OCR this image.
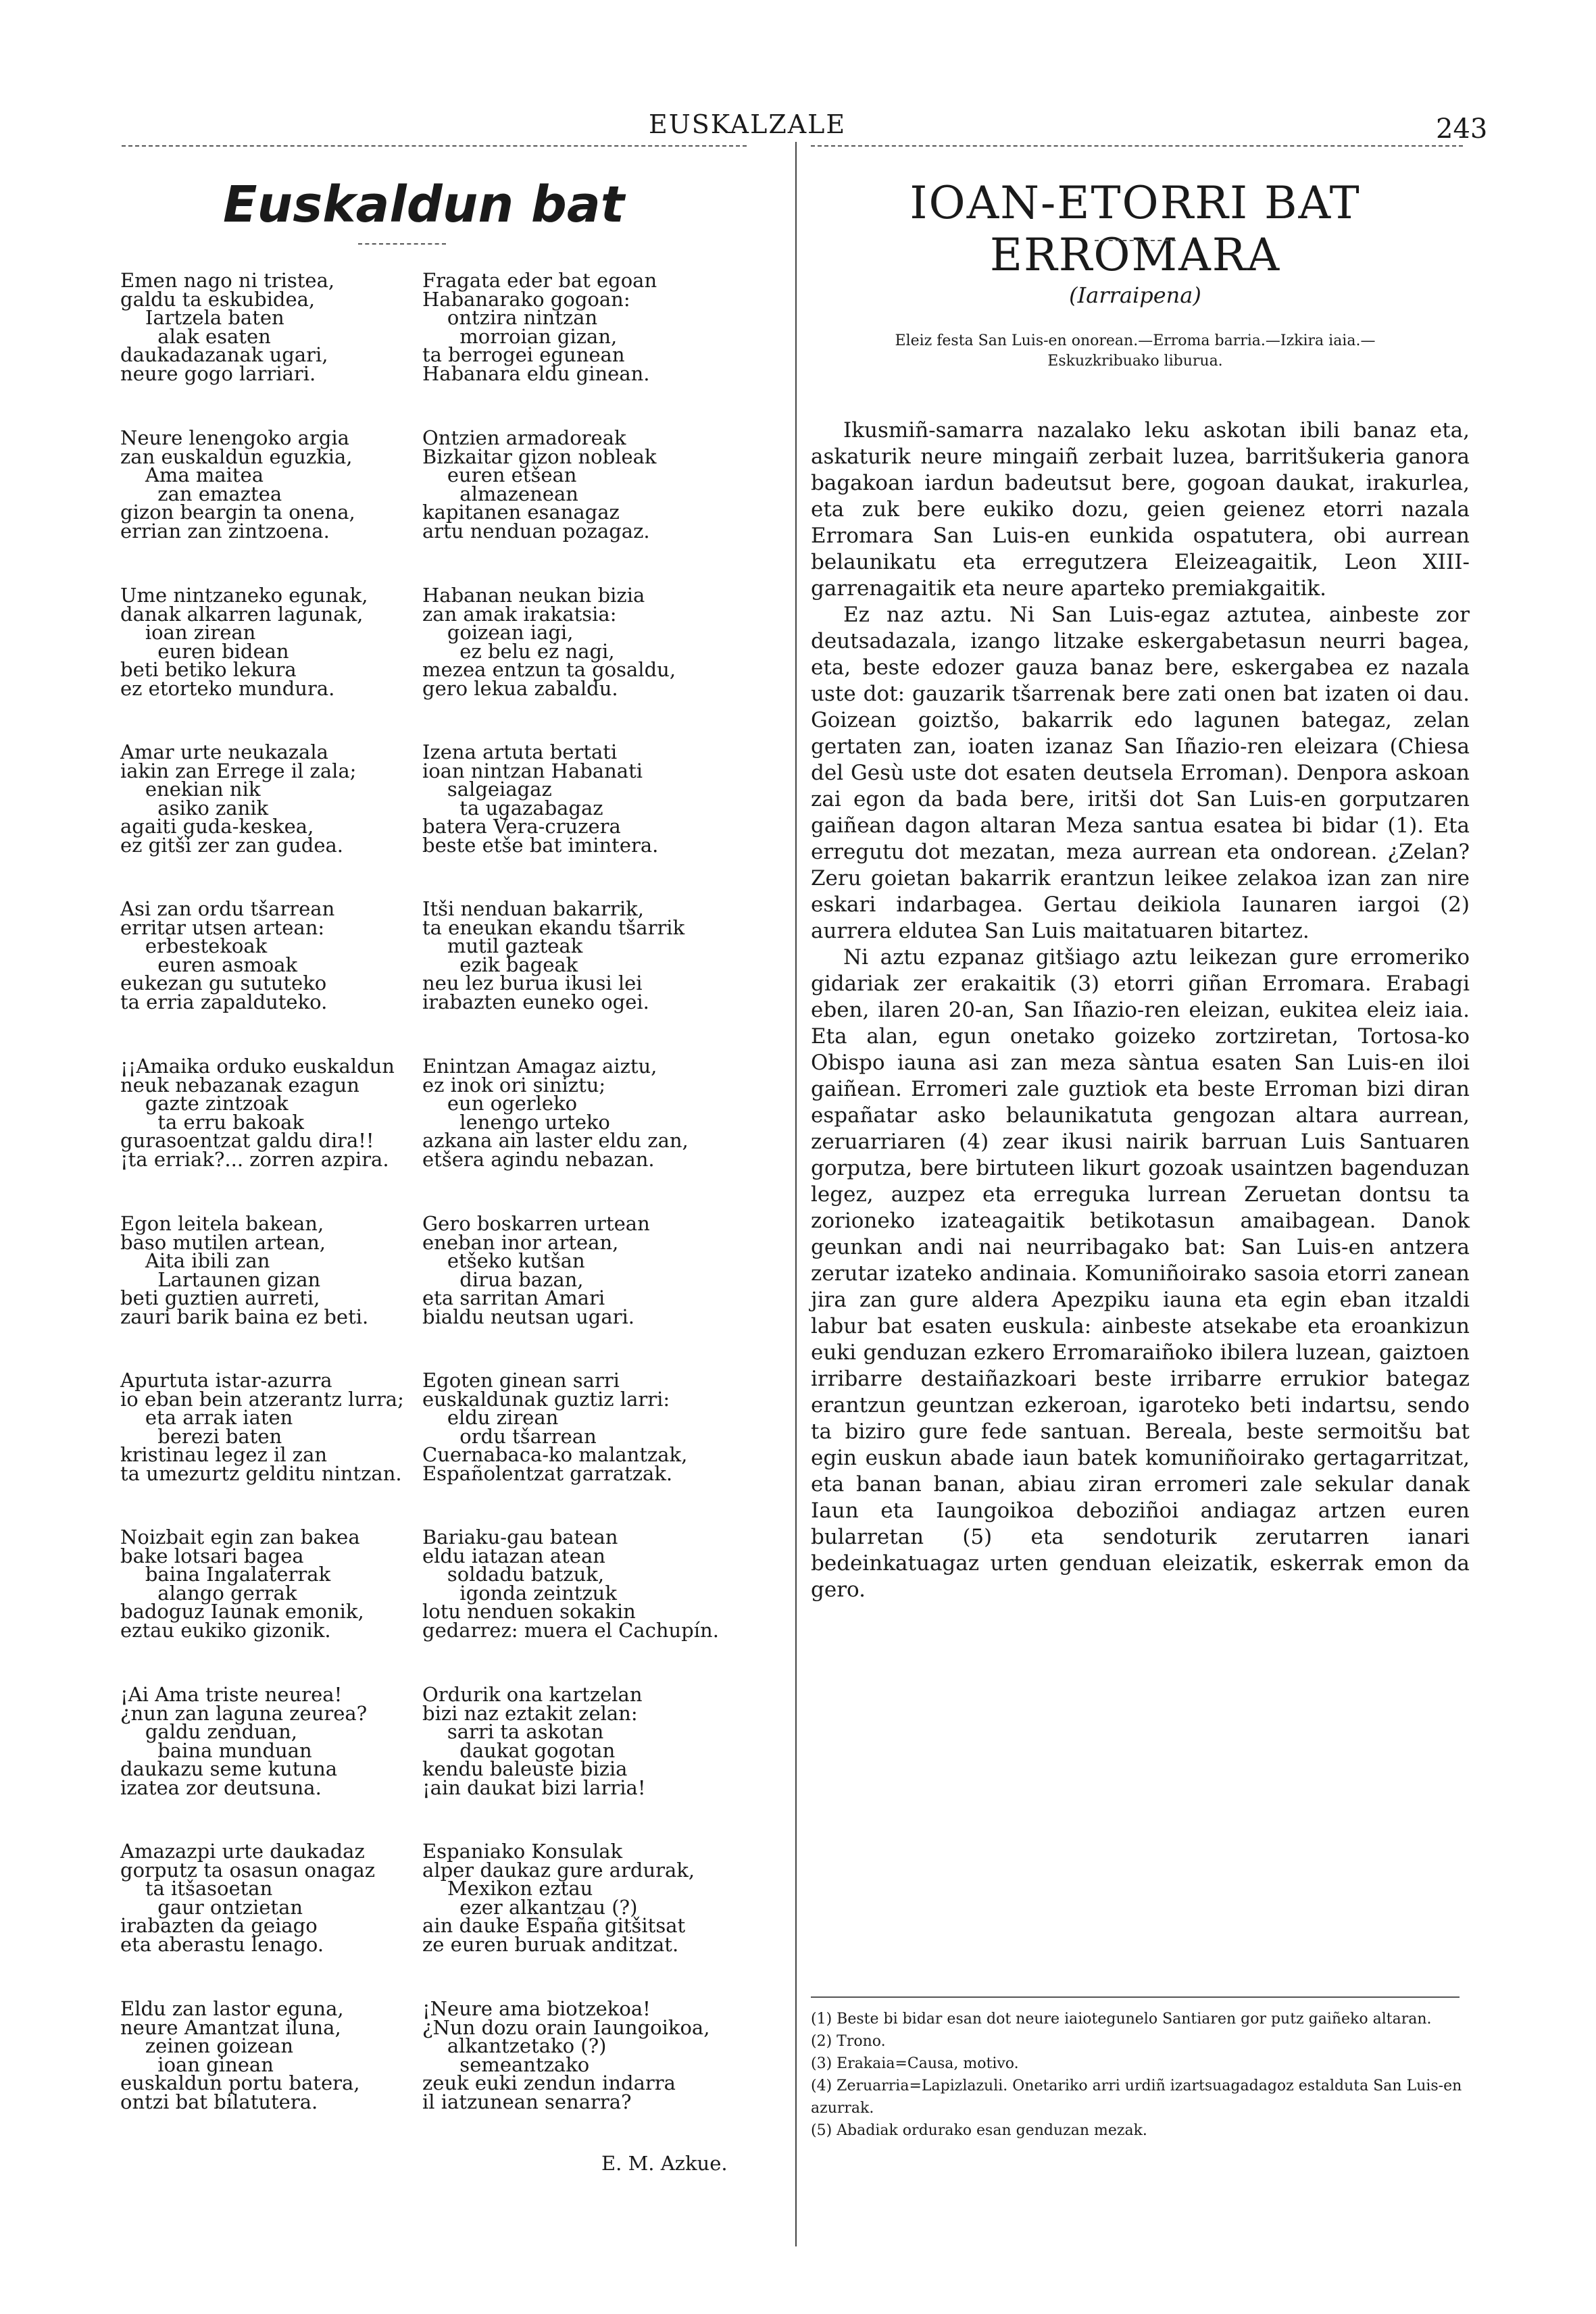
EUSKALZALE	243
Euskaldun bat
Emen nago ni tristea,
galdu ta eskubidea,
Iartzela baten
alak esaten
daukadazanak ugari,
neure gogo larriari.
Fragata eder bat egoan
Habanarako gogoan:
ontzira nintzan
morroian gizan,
ta berrogei egunean
Habanara eldu ginean.
Neure lenengoko argia
zan euskaldun eguzkia,
Ama maitea
zan emaztea
gizon beargin ta onena,
errian zan zintzoena.
Ontzien armadoreak
Bizkaitar gizon nobleak
euren etšean
almazenean
kapitanen esanagaz
artu nenduan pozagaz.
Ume nintzaneko egunak,
danak alkarren lagunak,
ioan zirean
euren bidean
beti betiko lekura
ez etorteko mundura.
Habanan neukan bizia
zan amak irakatsia:
goizean iagi,
ez belu ez nagi,
mezea entzun ta gosaldu,
gero lekua zabaldu.
Amar urte neukazala
iakin zan Errege il zala;
enekian nik
asiko zanik
agaiti guda-keskea,
ez gitši zer zan gudea.
Izena artuta bertati
ioan nintzan Habanati
salgeiagaz
ta ugazabagaz
batera Vera-cruzera
beste etše bat imintera.
Asi zan ordu tšarrean
erritar utsen artean:
erbestekoak
euren asmoak
eukezan gu sututeko
ta erria zapalduteko.
Itši nenduan bakarrik,
ta eneukan ekandu tšarrik
mutil gazteak
ezik bageak
neu lez burua ikusi lei
irabazten euneko ogei.
¡¡Amaika orduko euskaldun
neuk nebazanak ezagun
gazte zintzoak
ta erru bakoak
gurasoentzat galdu dira!!
¡ta erriak?... zorren azpira.
Enintzan Amagaz aiztu,
ez inok ori siniztu;
eun ogerleko
lenengo urteko
azkana ain laster eldu zan,
etšera agindu nebazan.
Egon leitela bakean,
baso mutilen artean,
Aita ibili zan
Lartaunen gizan
beti guztien aurreti,
zauri barik baina ez beti.
Gero boskarren urtean
eneban inor artean,
etšeko kutšan
dirua bazan,
eta sarritan Amari
bialdu neutsan ugari.
Apurtuta istar-azurra
io eban bein atzerantz lurra;
eta arrak iaten
berezi baten
kristinau legez il zan
ta umezurtz gelditu nintzan.
Egoten ginean sarri
euskaldunak guztiz larri:
eldu zirean
ordu tšarrean
Cuernabaca-ko malantzak,
Españolentzat garratzak.
Noizbait egin zan bakea
bake lotsari bagea
baina Ingalaterrak
alango gerrak
badoguz Iaunak emonik,
eztau eukiko gizonik.
Bariaku-gau batean
eldu iatazan atean
soldadu batzuk,
igonda zeintzuk
lotu nenduen sokakin
gedarrez: muera el Cachupín.
¡Ai Ama triste neurea!
¿nun zan laguna zeurea?
galdu zenduan,
baina munduan
daukazu seme kutuna
izatea zor deutsuna.
Ordurik ona kartzelan
bizi naz eztakit zelan:
sarri ta askotan
daukat gogotan
kendu baleuste bizia
¡ain daukat bizi larria!
Amazazpi urte daukadaz
gorputz ta osasun onagaz
ta itšasoetan
gaur ontzietan
irabazten da geiago
eta aberastu lenago.
Espaniako Konsulak
alper daukaz gure ardurak,
Mexikon eztau
ezer alkantzau (?)
ain dauke España gitšitsat
ze euren buruak anditzat.
Eldu zan lastor eguna,
neure Amantzat iluna,
zeinen goizean
ioan ginean
euskaldun portu batera,
ontzi bat bilatutera.
¡Neure ama biotzekoa!
¿Nun dozu orain Iaungoikoa,
alkantzetako (?)
semeantzako
zeuk euki zendun indarra
il iatzunean senarra?
E. M. Azkue.
IOAN-ETORRI BAT ERROMARA
(Iarraipena)
Eleiz festa San Luis-en onorean.—Erroma barria.—Izkira iaia.—
Eskuzkribuako liburua.

Ikusmiñ-samarra nazalako leku askotan ibili banaz eta, askaturik neure mingaiñ zerbait luzea, barritšukeria ganora bagakoan iardun badeutsut bere, gogoan daukat, irakurlea, eta zuk bere eukiko dozu, geien geienez etorri nazala Erromara San Luis-en eunkida ospatutera, obi aurrean belaunikatu eta erregutzera Eleizeagaitik, Leon XIII-garrenagaitik eta neure aparteko premiakgaitik.

Ez naz aztu. Ni San Luis-egaz aztutea, ainbeste zor deutsadazala, izango litzake eskergabetasun neurri bagea, eta, beste edozer gauza banaz bere, eskergabea ez nazala uste dot: gauzarik tšarrenak bere zati onen bat izaten oi dau. Goizean goiztšo, bakarrik edo lagunen bategaz, zelan gertaten zan, ioaten izanaz San Iñazio-ren eleizara (Chiesa del Gesù uste dot esaten deutsela Erroman). Denpora askoan zai egon da bada bere, iritši dot San Luis-en gorputzaren gaiñean dagon altaran Meza santua esatea bi bidar (1). Eta erregutu dot mezatan, meza aurrean eta ondorean. ¿Zelan? Zeru goietan bakarrik erantzun leikee zelakoa izan zan nire eskari indarbagea. Gertau deikiola Iaunaren iargoi (2) aurrera eldutea San Luis maitatuaren bitartez.

Ni aztu ezpanaz gitšiago aztu leikezan gure erromeriko gidariak zer erakaitik (3) etorri giñan Erromara. Erabagi eben, ilaren 20-an, San Iñazio-ren eleizan, eukitea eleiz iaia. Eta alan, egun onetako goizeko zortziretan, Tortosa-ko Obispo iauna asi zan meza sàntua esaten San Luis-en iloi gaiñean. Erromeri zale guztiok eta beste Erroman bizi diran españatar asko belaunikatuta gengozan altara aurrean, zeruarriaren (4) zear ikusi nairik barruan Luis Santuaren gorputza, bere birtuteen likurt gozoak usaintzen bagenduzan legez, auzpez eta erreguka lurrean Zeruetan dontsu ta zorioneko izateagaitik betikotasun amaibagean. Danok geunkan andi nai neurribagako bat: San Luis-en antzera zerutar izateko andinaia. Komuniñoirako sasoia etorri zanean jira zan gure aldera Apezpiku iauna eta egin eban itzaldi labur bat esaten euskula: ainbeste atsekabe eta eroankizun euki genduzan ezkero Erromaraiñoko ibilera luzean, gaiztoen irribarre destaiñazkoari beste irribarre errukior bategaz erantzun geuntzan ezkeroan, igaroteko beti indartsu, sendo ta biziro gure fede santuan. Berealа, beste sermoitšu bat egin euskun abade iaun batek komuniñoirako gertagarritzat, eta banan banan, abiau ziran erromeri zale sekular danak Iaun eta Iaungoikoa deboziñoi andiagaz artzen euren bularretan (5) eta sendoturik zerutarren ianari bedeinkatuagaz urten genduan eleizatik, eskerrak emon da gero.

(1) Beste bi bidar esan dot neure iaiotegunelo Santiaren gor putz gaiñeko altaran.
(2) Trono.
(3) Erakaia=Causa, motivo.
(4) Zeruarria=Lapizlazuli. Onetariko arri urdiñ izartsuagadagoz estalduta San Luis-en azurrak.
(5) Abadiak ordurako esan genduzan mezak.
